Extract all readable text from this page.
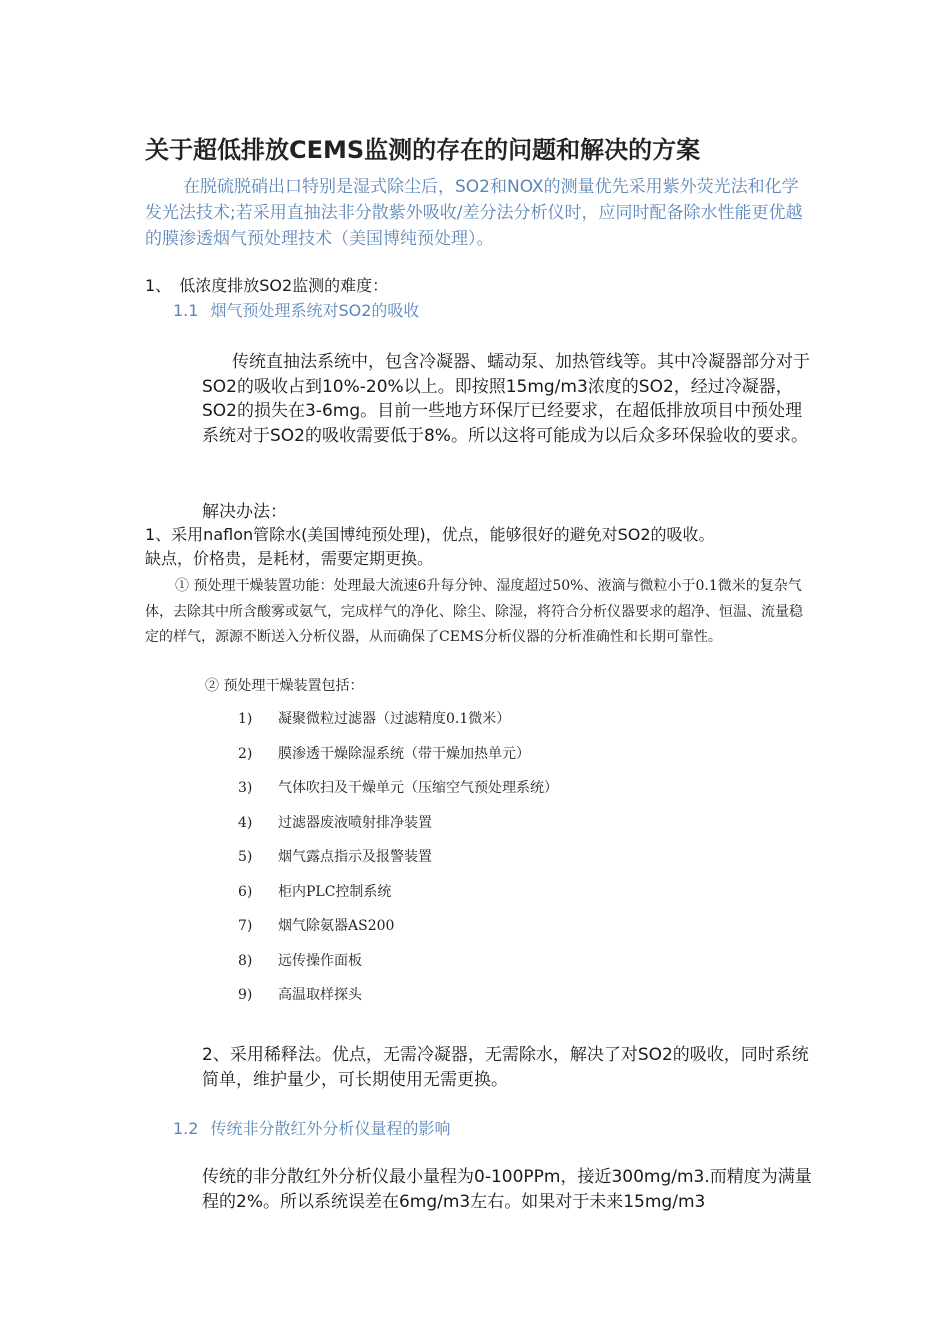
关于超低排放CEMS监测的存在的问题和解决的方案

在脱硫脱硝出口特别是湿式除尘后，SO2和NOX的测量优先采用紫外荧光法和化学发光法技术;若采用直抽法非分散紫外吸收/差分法分析仪时，应同时配备除水性能更优越的膜渗透烟气预处理技术（美国博纯预处理）。

1、 低浓度排放SO2监测的难度：
1.1 烟气预处理系统对SO2的吸收

传统直抽法系统中，包含冷凝器、蠕动泵、加热管线等。其中冷凝器部分对于SO2的吸收占到10%-20%以上。即按照15mg/m3浓度的SO2，经过冷凝器，SO2的损失在3-6mg。目前一些地方环保厅已经要求，在超低排放项目中预处理系统对于SO2的吸收需要低于8%。所以这将可能成为以后众多环保验收的要求。

解决办法：
1、采用naflon管除水(美国博纯预处理)，优点，能够很好的避免对SO2的吸收。
缺点，价格贵，是耗材，需要定期更换。

① 预处理干燥装置功能：处理最大流速6升每分钟、湿度超过50%、液滴与微粒小于0.1微米的复杂气体，去除其中所含酸雾或氨气，完成样气的净化、除尘、除湿，将符合分析仪器要求的超净、恒温、流量稳定的样气，源源不断送入分析仪器，从而确保了CEMS分析仪器的分析准确性和长期可靠性。

② 预处理干燥装置包括：
1) 凝聚微粒过滤器（过滤精度0.1微米）
2) 膜渗透干燥除湿系统（带干燥加热单元）
3) 气体吹扫及干燥单元（压缩空气预处理系统）
4) 过滤器废液喷射排净装置
5) 烟气露点指示及报警装置
6) 柜内PLC控制系统
7) 烟气除氨器AS200
8) 远传操作面板
9) 高温取样探头

2、采用稀释法。优点，无需冷凝器，无需除水，解决了对SO2的吸收，同时系统简单，维护量少，可长期使用无需更换。

1.2 传统非分散红外分析仪量程的影响

传统的非分散红外分析仪最小量程为0-100PPm，接近300mg/m3.而精度为满量程的2%。所以系统误差在6mg/m3左右。如果对于未来15mg/m3
